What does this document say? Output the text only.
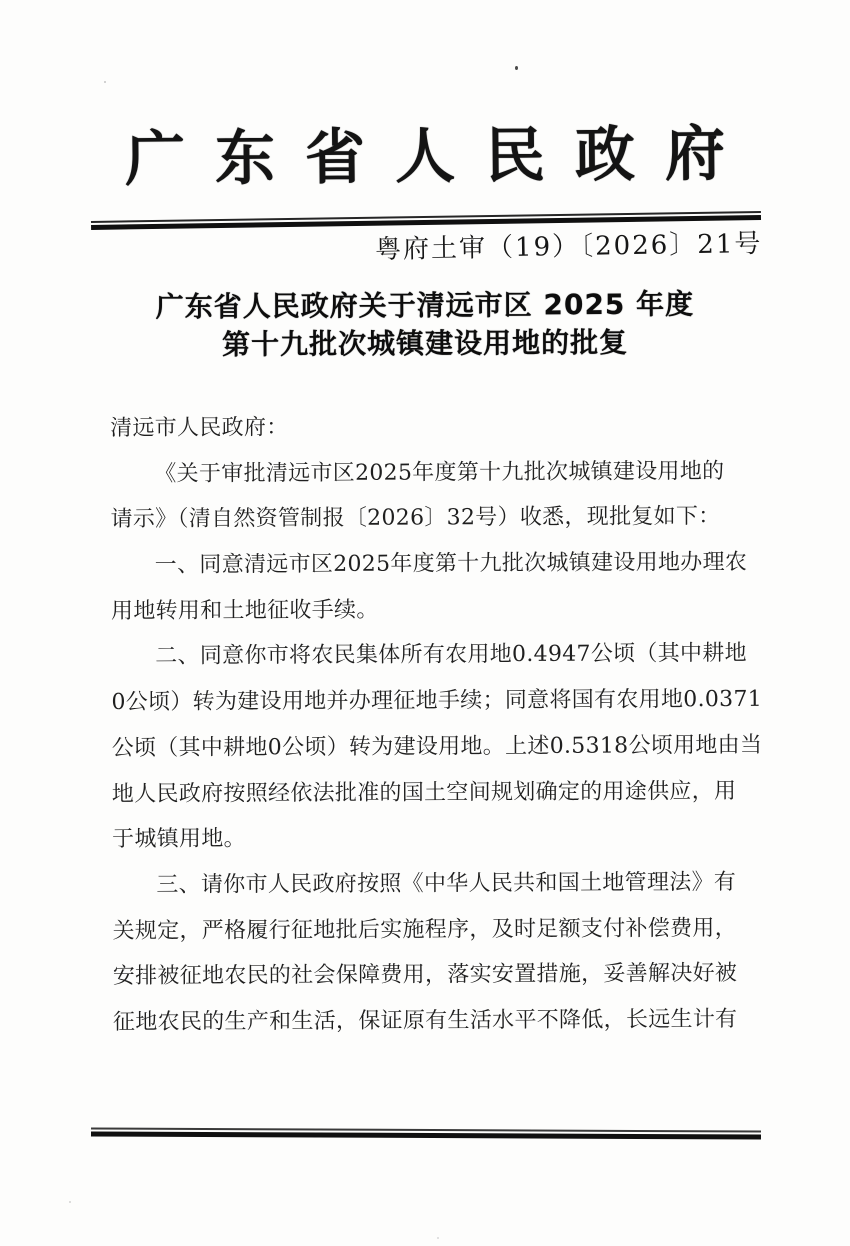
广东省人民政府
粤府土审（19）〔2026〕21号
广东省人民政府关于清远市区 2025 年度
第十九批次城镇建设用地的批复
清远市人民政府：
《关于审批清远市区2025年度第十九批次城镇建设用地的
请示》（清自然资管制报〔2026〕32号）收悉，现批复如下：
一、同意清远市区2025年度第十九批次城镇建设用地办理农
用地转用和土地征收手续。
二、同意你市将农民集体所有农用地0.4947公顷（其中耕地
0公顷）转为建设用地并办理征地手续；同意将国有农用地0.0371
公顷（其中耕地0公顷）转为建设用地。上述0.5318公顷用地由当
地人民政府按照经依法批准的国土空间规划确定的用途供应，用
于城镇用地。
三、请你市人民政府按照《中华人民共和国土地管理法》有
关规定，严格履行征地批后实施程序，及时足额支付补偿费用，
安排被征地农民的社会保障费用，落实安置措施，妥善解决好被
征地农民的生产和生活，保证原有生活水平不降低，长远生计有
